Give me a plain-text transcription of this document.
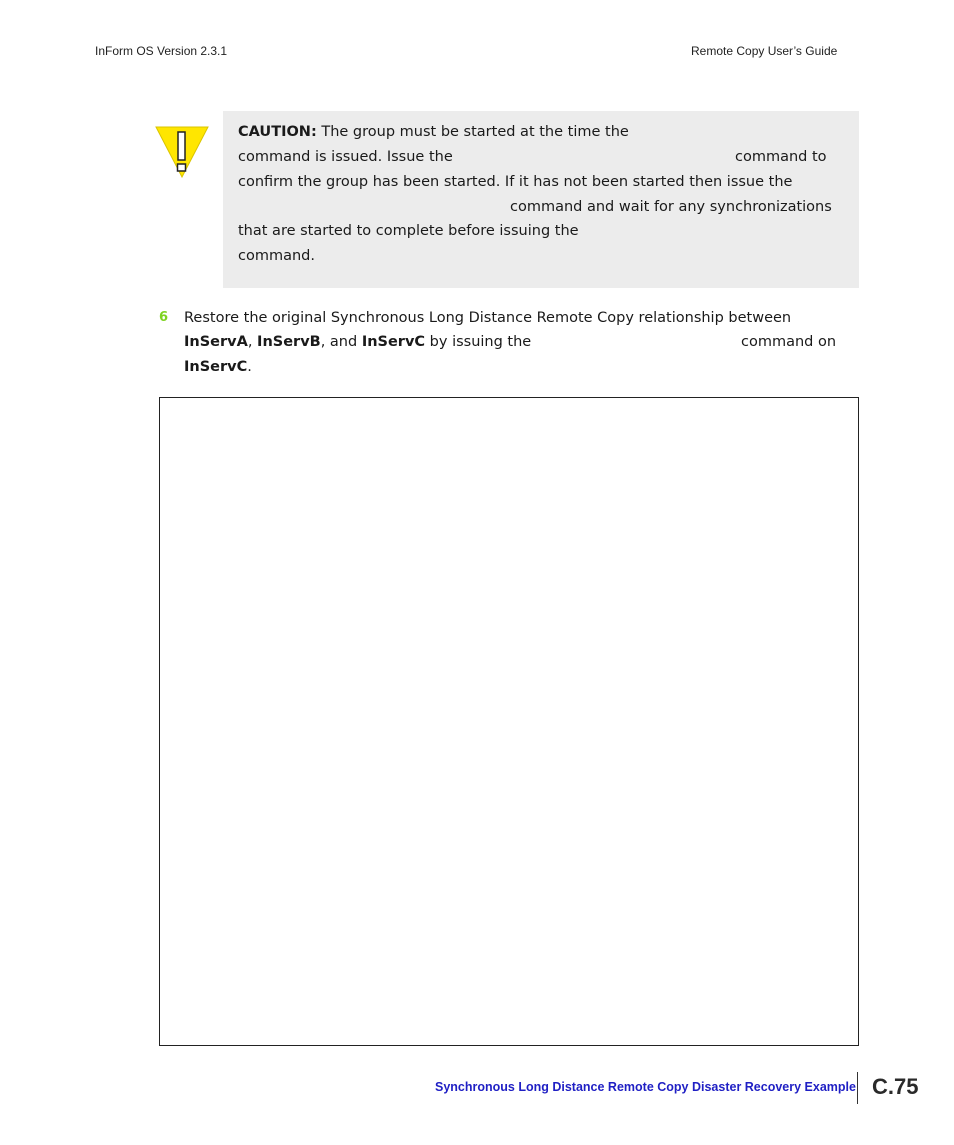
InForm OS Version 2.3.1	Remote Copy User’s Guide
CAUTION: The group must be started at the time the
command is issued. Issue the	command to
confirm the group has been started. If it has not been started then issue the
command and wait for any synchronizations
that are started to complete before issuing the
command.
6 Restore the original Synchronous Long Distance Remote Copy relationship between
InServA, InServB, and InServC by issuing the	command on
InServC.
Synchronous Long Distance Remote Copy Disaster Recovery Example C.75
